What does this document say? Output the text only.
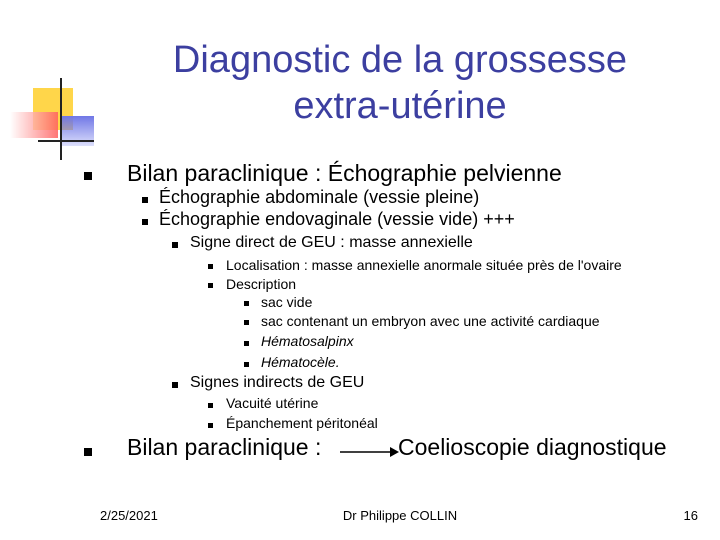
Diagnostic de la grossesse
extra-utérine
Bilan paraclinique : Échographie pelvienne
Échographie abdominale (vessie pleine)
Échographie endovaginale (vessie vide) +++
Signe direct de GEU : masse annexielle
Localisation : masse annexielle anormale située près de l'ovaire
Description
sac vide
sac contenant un embryon avec une activité cardiaque
Hématosalpinx
Hématocèle.
Signes indirects de GEU
Vacuité utérine
Épanchement péritonéal
Bilan paraclinique :	Coelioscopie diagnostique
2/25/2021	Dr Philippe COLLIN	16
